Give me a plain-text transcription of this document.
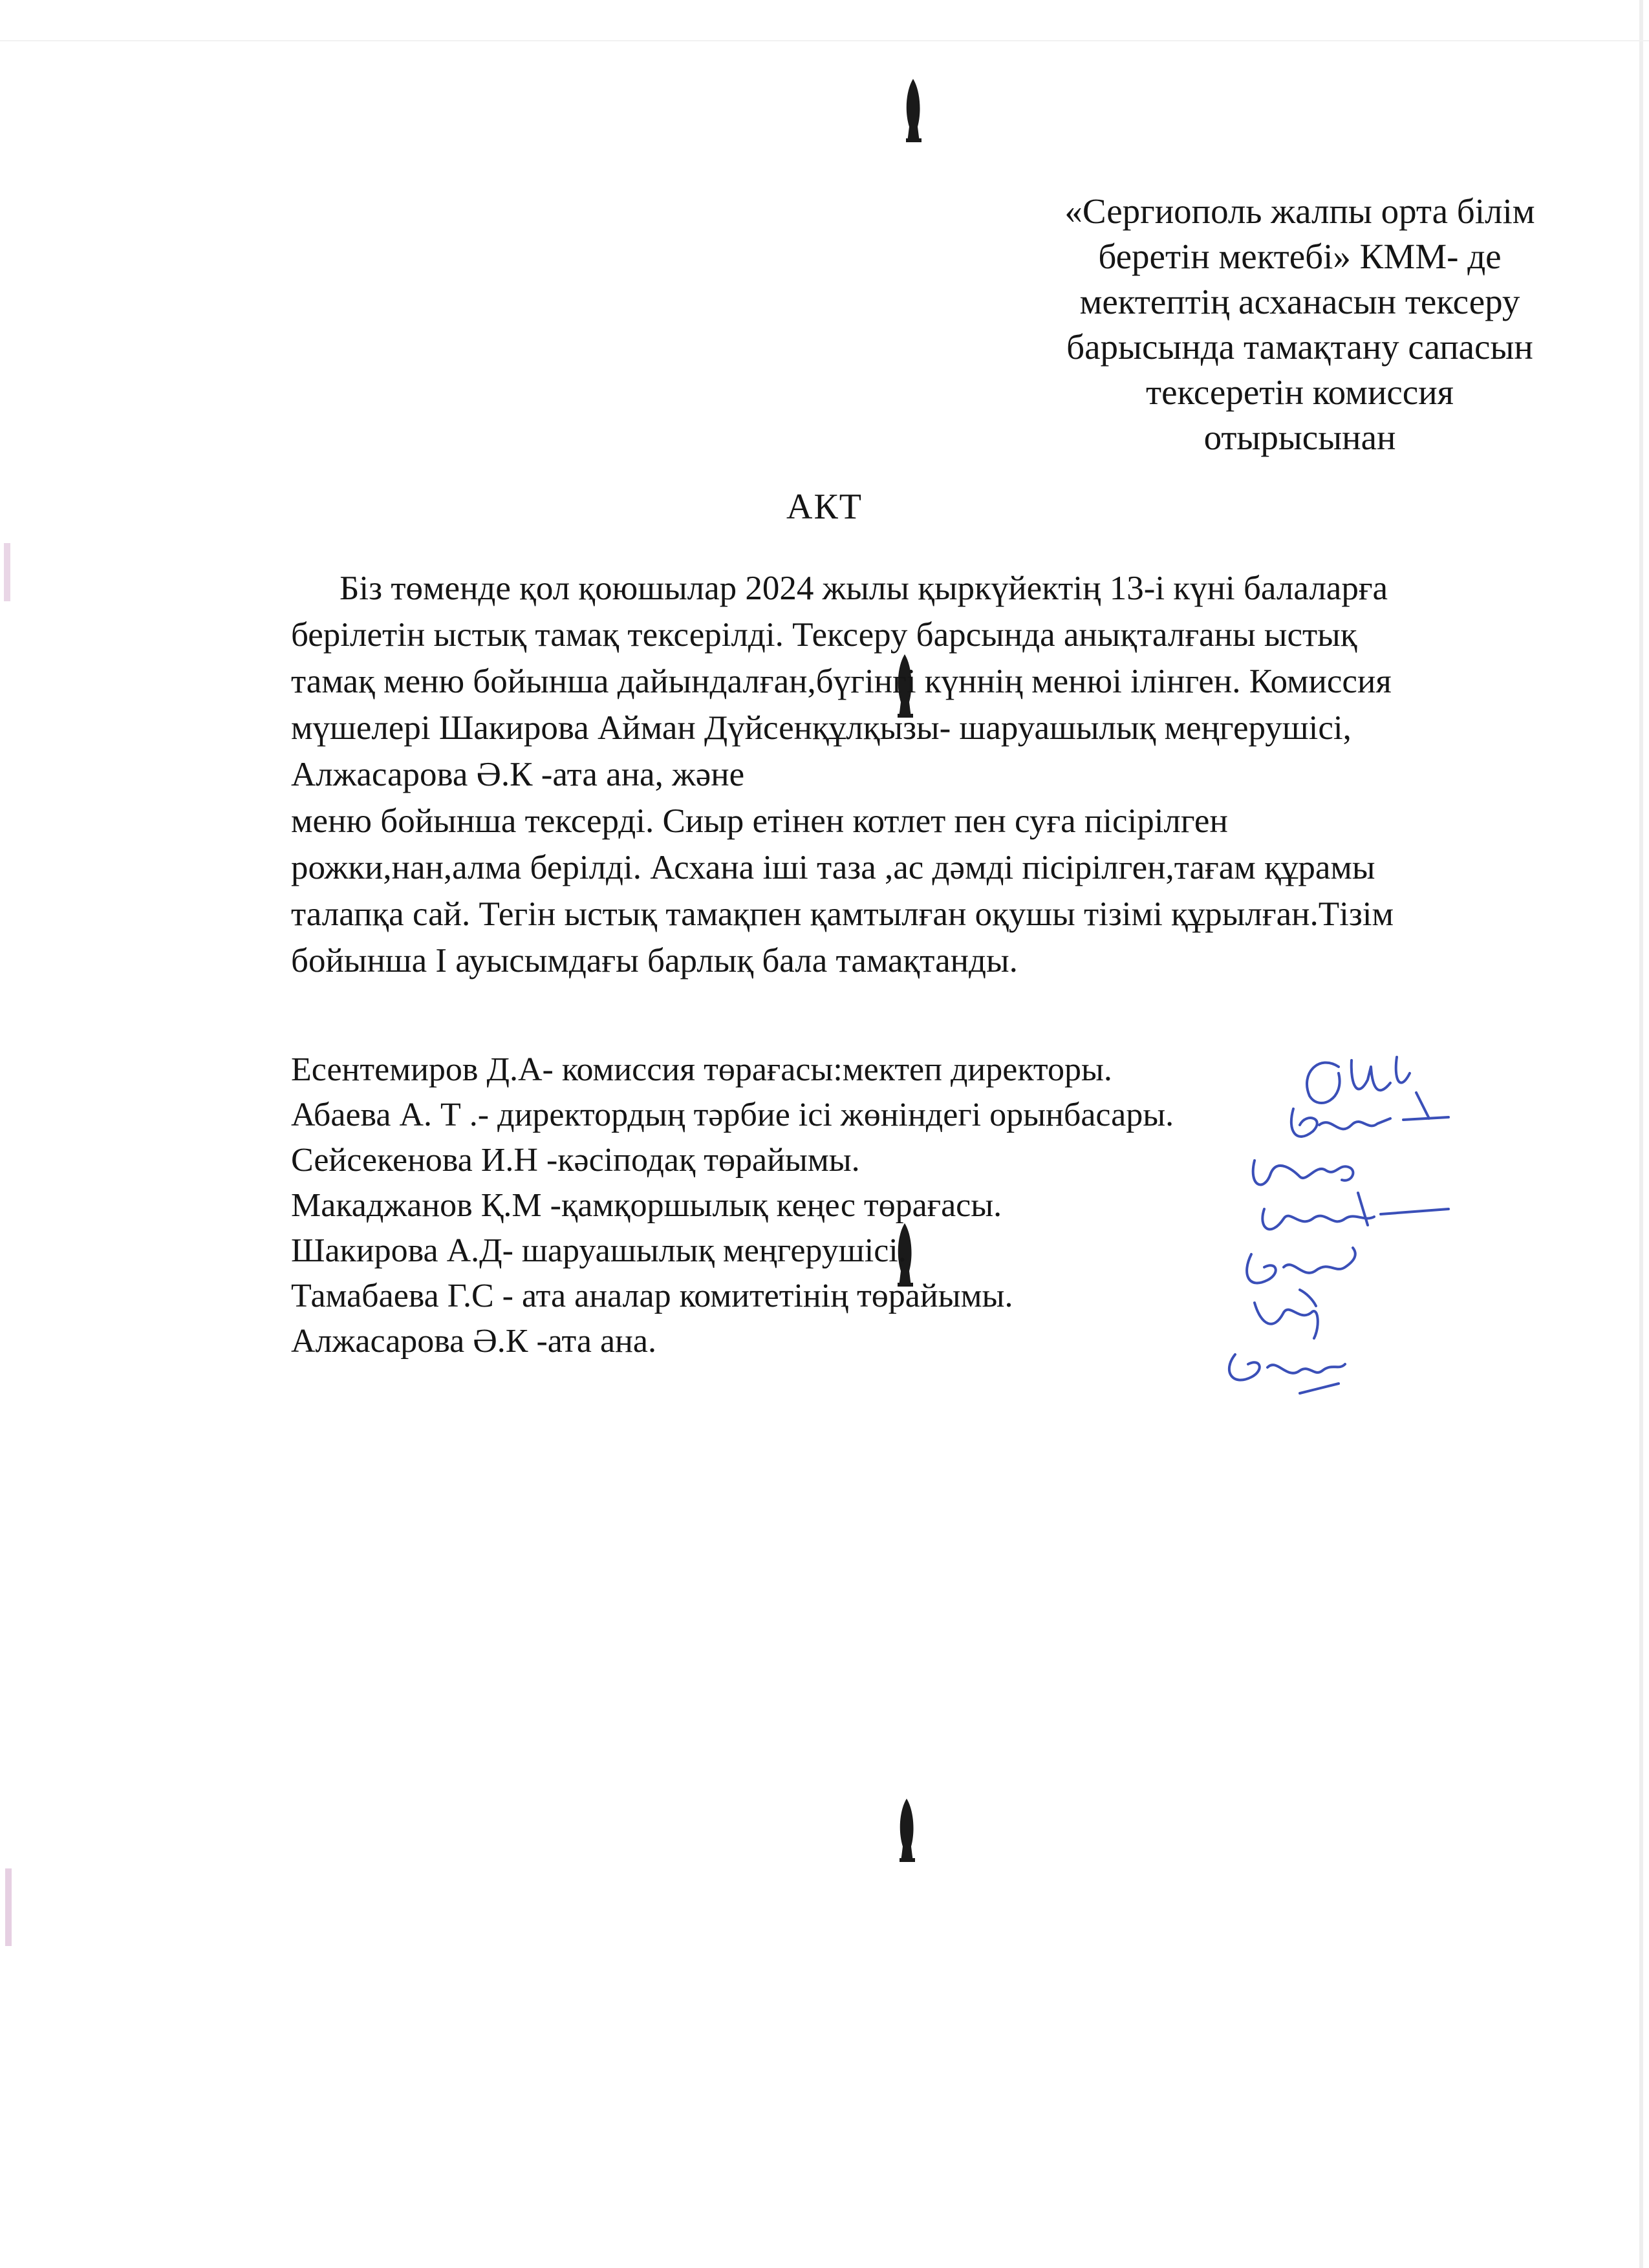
«Сергиополь жалпы орта білім
беретін мектебі» КММ- де
мектептің асханасын тексеру
барысында тамақтану сапасын
тексеретін комиссия
отырысынан
АКТ
Біз төменде қол қоюшылар 2024 жылы қыркүйектің 13-і күні балаларға
берілетін ыстық тамақ тексерілді. Тексеру барсында анықталғаны ыстық
тамақ меню бойынша дайындалған,бүгінгі күннің менюі ілінген. Комиссия
мүшелері Шакирова Айман Дүйсенқұлқызы- шаруашылық меңгерушісі,
Алжасарова Ә.К -ата ана, және
меню бойынша тексерді. Сиыр етінен котлет пен суға пісірілген
рожки,нан,алма берілді. Асхана іші таза ,ас дәмді пісірілген,тағам құрамы
талапқа сай. Тегін ыстық тамақпен қамтылған оқушы тізімі құрылған.Тізім
бойынша І ауысымдағы барлық бала тамақтанды.
Есентемиров Д.А- комиссия төрағасы:мектеп директоры.
Абаева А. Т .- директордың тәрбие ісі жөніндегі орынбасары.
Сейсекенова И.Н -кәсіподақ төрайымы.
Макаджанов Қ.М -қамқоршылық кеңес төрағасы.
Шакирова А.Д- шаруашылық меңгерушісі.
Тамабаева Г.С - ата аналар комитетінің төрайымы.
Алжасарова Ә.К -ата ана.
